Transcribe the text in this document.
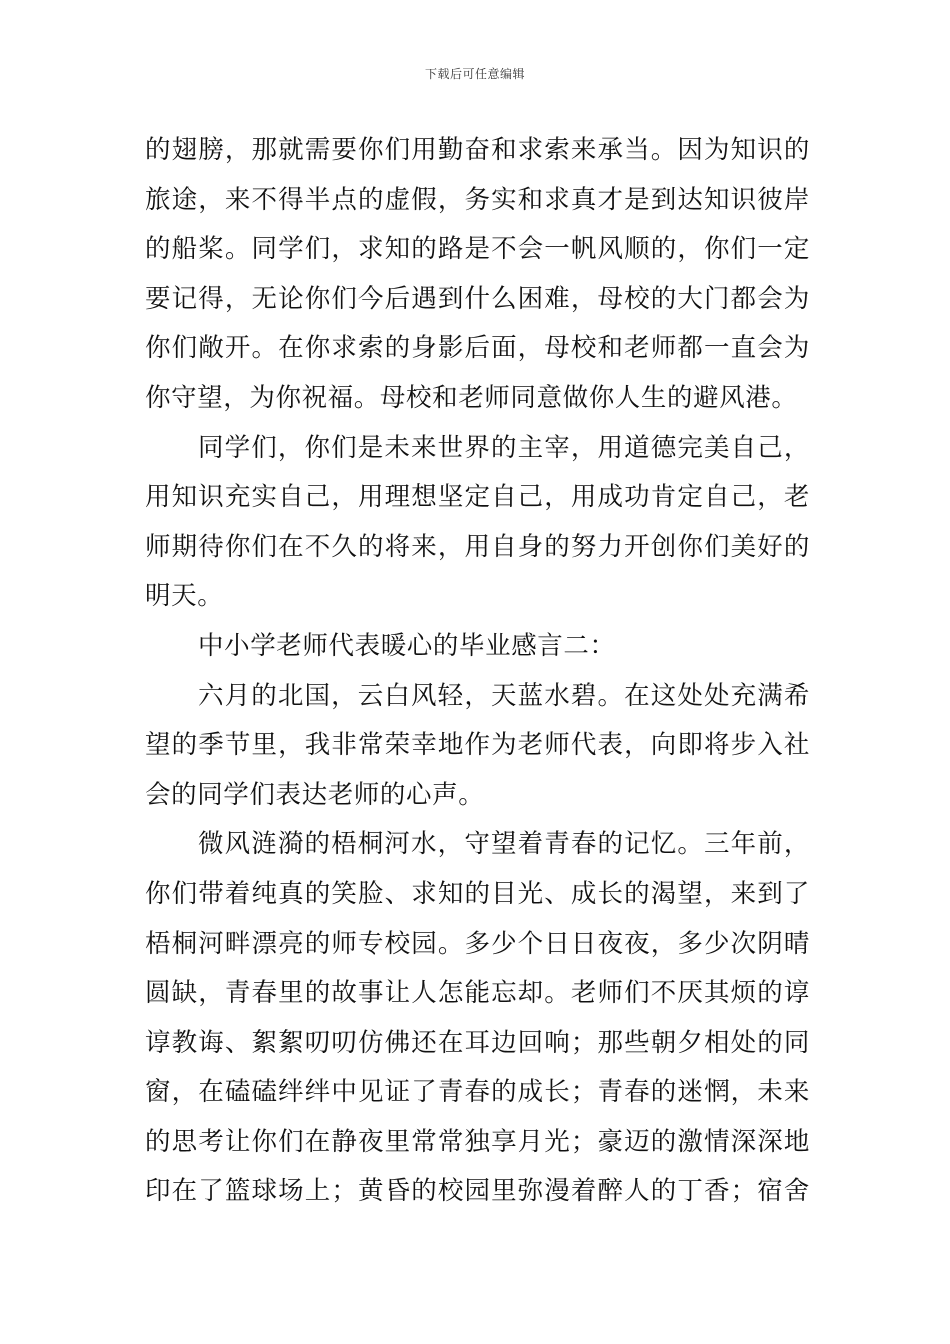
下载后可任意编辑
的翅膀，那就需要你们用勤奋和求索来承当。因为知识的
旅途，来不得半点的虚假，务实和求真才是到达知识彼岸
的船桨。同学们，求知的路是不会一帆风顺的，你们一定
要记得，无论你们今后遇到什么困难，母校的大门都会为
你们敞开。在你求索的身影后面，母校和老师都一直会为
你守望，为你祝福。母校和老师同意做你人生的避风港。
同学们，你们是未来世界的主宰，用道德完美自己，
用知识充实自己，用理想坚定自己，用成功肯定自己，老
师期待你们在不久的将来，用自身的努力开创你们美好的
明天。
中小学老师代表暖心的毕业感言二：
六月的北国，云白风轻，天蓝水碧。在这处处充满希
望的季节里，我非常荣幸地作为老师代表，向即将步入社
会的同学们表达老师的心声。
微风涟漪的梧桐河水，守望着青春的记忆。三年前，
你们带着纯真的笑脸、求知的目光、成长的渴望，来到了
梧桐河畔漂亮的师专校园。多少个日日夜夜，多少次阴晴
圆缺，青春里的故事让人怎能忘却。老师们不厌其烦的谆
谆教诲、絮絮叨叨仿佛还在耳边回响；那些朝夕相处的同
窗，在磕磕绊绊中见证了青春的成长；青春的迷惘，未来
的思考让你们在静夜里常常独享月光；豪迈的激情深深地
印在了篮球场上；黄昏的校园里弥漫着醉人的丁香；宿舍
